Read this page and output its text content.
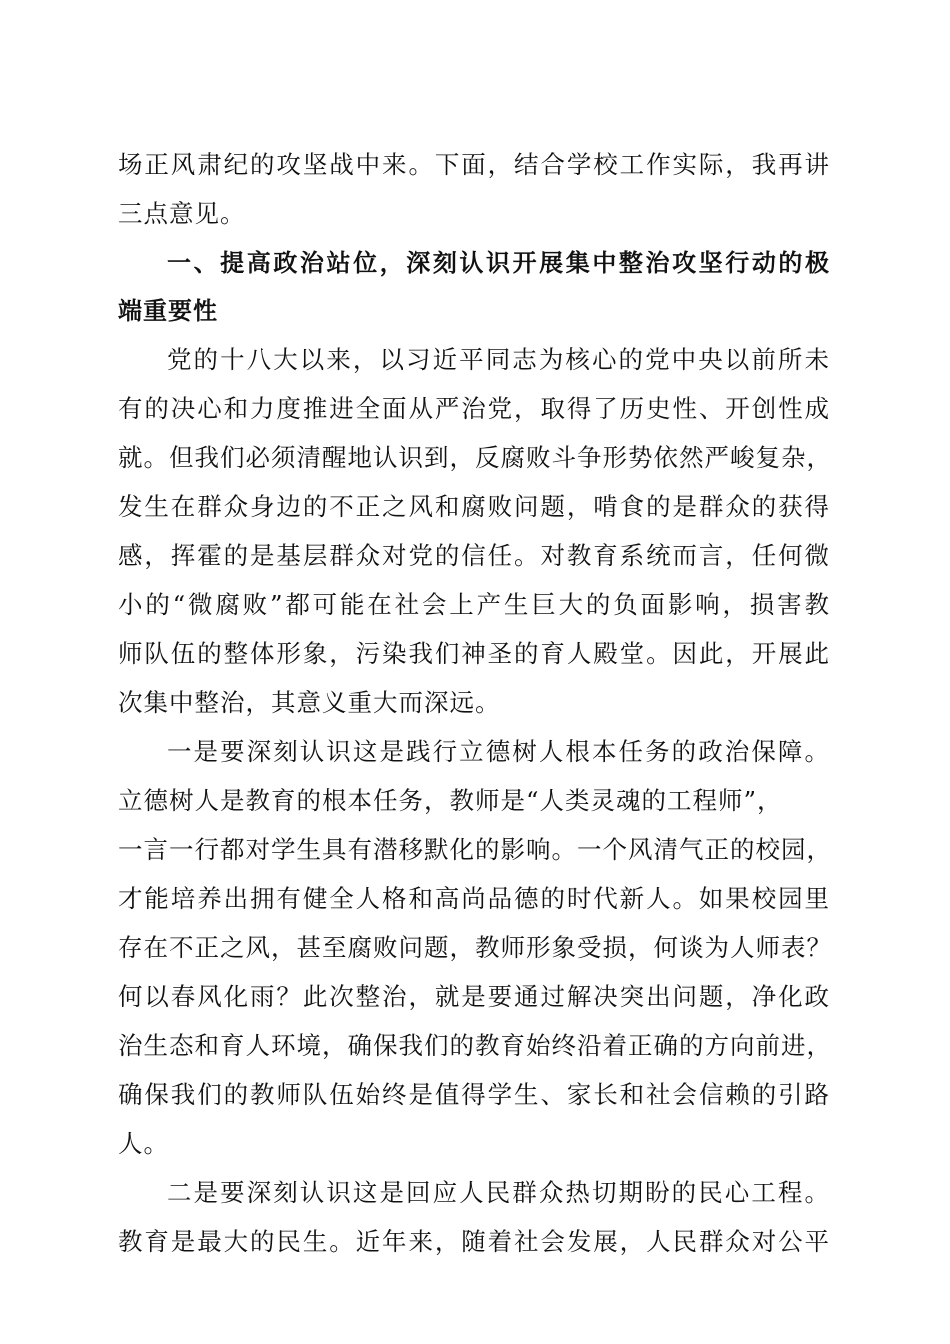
场正风肃纪的攻坚战中来。下面，结合学校工作实际，我再讲
三点意见。
一、提高政治站位，深刻认识开展集中整治攻坚行动的极
端重要性
党的十八大以来，以习近平同志为核心的党中央以前所未
有的决心和力度推进全面从严治党，取得了历史性、开创性成
就。但我们必须清醒地认识到，反腐败斗争形势依然严峻复杂，
发生在群众身边的不正之风和腐败问题，啃食的是群众的获得
感，挥霍的是基层群众对党的信任。对教育系统而言，任何微
小的“微腐败”都可能在社会上产生巨大的负面影响，损害教
师队伍的整体形象，污染我们神圣的育人殿堂。因此，开展此
次集中整治，其意义重大而深远。
一是要深刻认识这是践行立德树人根本任务的政治保障。
立德树人是教育的根本任务，教师是“人类灵魂的工程师”，
一言一行都对学生具有潜移默化的影响。一个风清气正的校园，
才能培养出拥有健全人格和高尚品德的时代新人。如果校园里
存在不正之风，甚至腐败问题，教师形象受损，何谈为人师表？
何以春风化雨？此次整治，就是要通过解决突出问题，净化政
治生态和育人环境，确保我们的教育始终沿着正确的方向前进，
确保我们的教师队伍始终是值得学生、家长和社会信赖的引路
人。
二是要深刻认识这是回应人民群众热切期盼的民心工程。
教育是最大的民生。近年来，随着社会发展，人民群众对公平
